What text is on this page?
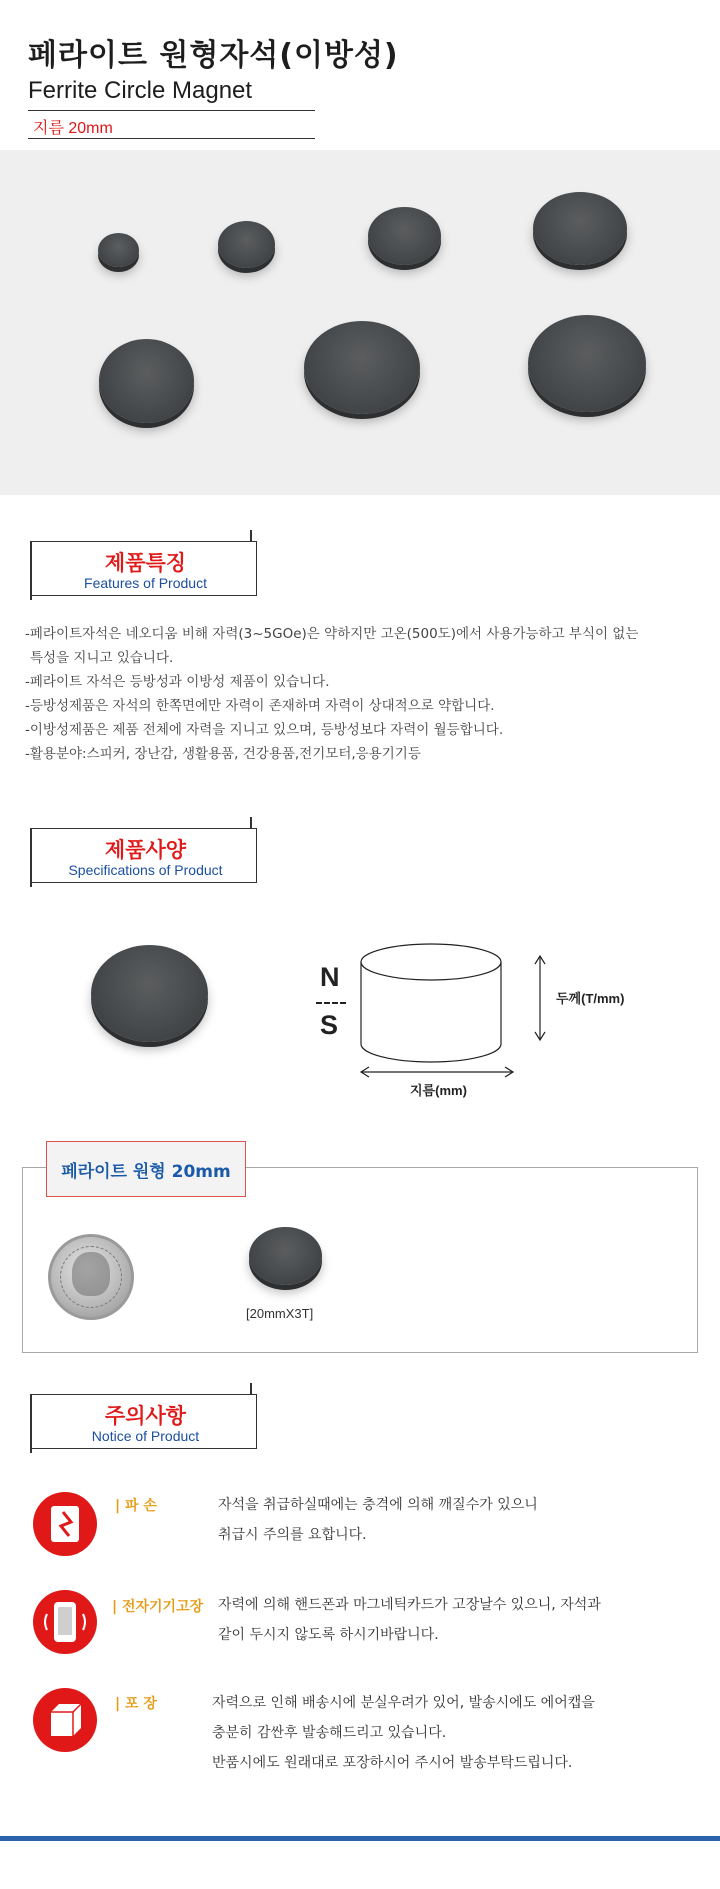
페라이트 원형자석(이방성)
Ferrite Circle Magnet
지름 20mm
제품특징
Features of Product
-페라이트자석은 네오디움 비해 자력(3~5GOe)은 약하지만 고온(500도)에서 사용가능하고 부식이 없는
특성을 지니고 있습니다.
-페라이트 자석은 등방성과 이방성 제품이 있습니다.
-등방성제품은 자석의 한쪽면에만 자력이 존재하며 자력이 상대적으로 약합니다.
-이방성제품은 제품 전체에 자력을 지니고 있으며, 등방성보다 자력이 월등합니다.
-활용분야:스피커, 장난감, 생활용품, 건강용품,전기모터,응용기기등
제품사양
Specifications of Product
N
S
두께(T/mm)
지름(mm)
페라이트 원형 20mm
[20mmX3T]
주의사항
Notice of Product
| 파 손	자석을 취급하실때에는 충격에 의해 깨질수가 있으니
취급시 주의를 요합니다.
| 전자기기고장 자력에 의해 핸드폰과 마그네틱카드가 고장날수 있으니, 자석과
같이 두시지 않도록 하시기바랍니다.
| 포 장	자력으로 인해 배송시에 분실우려가 있어, 발송시에도 에어캡을
충분히 감싼후 발송해드리고 있습니다.
반품시에도 원래대로 포장하시어 주시어 발송부탁드립니다.
